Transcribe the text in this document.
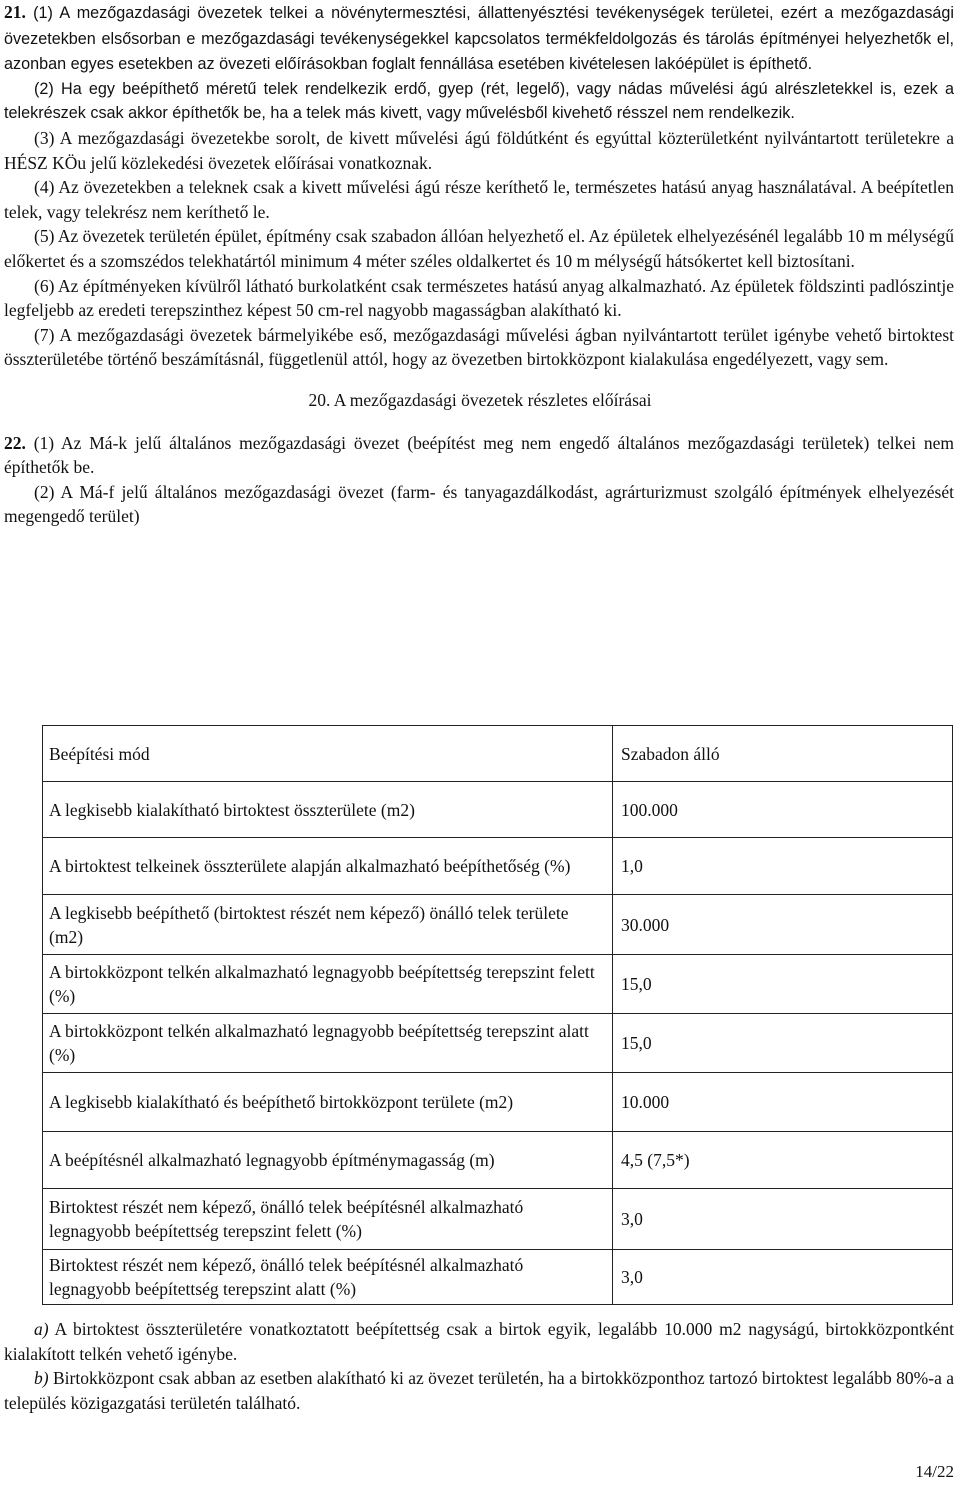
21. (1) A mezőgazdasági övezetek telkei a növénytermesztési, állattenyésztési tevékenységek területei, ezért a mezőgazdasági övezetekben elsősorban e mezőgazdasági tevékenységekkel kapcsolatos termékfeldolgozás és tárolás építményei helyezhetők el, azonban egyes esetekben az övezeti előírásokban foglalt fennállása esetében kivételesen lakóépület is építhető.

(2) Ha egy beépíthető méretű telek rendelkezik erdő, gyep (rét, legelő), vagy nádas művelési ágú alrészletekkel is, ezek a telekrészek csak akkor építhetők be, ha a telek más kivett, vagy művelésből kivehető résszel nem rendelkezik.

(3) A mezőgazdasági övezetekbe sorolt, de kivett művelési ágú földútként és egyúttal közterületként nyilvántartott területekre a HÉSZ KÖu jelű közlekedési övezetek előírásai vonatkoznak.

(4) Az övezetekben a teleknek csak a kivett művelési ágú része keríthető le, természetes hatású anyag használatával. A beépítetlen telek, vagy telekrész nem keríthető le.

(5) Az övezetek területén épület, építmény csak szabadon állóan helyezhető el. Az épületek elhelyezésénél legalább 10 m mélységű előkertet és a szomszédos telekhatártól minimum 4 méter széles oldalkertet és 10 m mélységű hátsókertet kell biztosítani.

(6) Az építményeken kívülről látható burkolatként csak természetes hatású anyag alkalmazható. Az épületek földszinti padlószintje legfeljebb az eredeti terepszinthez képest 50 cm-rel nagyobb magasságban alakítható ki.

(7) A mezőgazdasági övezetek bármelyikébe eső, mezőgazdasági művelési ágban nyilvántartott terület igénybe vehető birtoktest összterületébe történő beszámításnál, függetlenül attól, hogy az övezetben birtokközpont kialakulása engedélyezett, vagy sem.

20. A mezőgazdasági övezetek részletes előírásai

22. (1) Az Má-k jelű általános mezőgazdasági övezet (beépítést meg nem engedő általános mezőgazdasági területek) telkei nem építhetők be.

(2) A Má-f jelű általános mezőgazdasági övezet (farm- és tanyagazdálkodást, agrárturizmust szolgáló építmények elhelyezését megengedő terület)

Beépítési mód	Szabadon álló
A legkisebb kialakítható birtoktest összterülete (m2)	100.000
A birtoktest telkeinek összterülete alapján alkalmazható beépíthetőség (%)	1,0
A legkisebb beépíthető (birtoktest részét nem képező) önálló telek területe (m2)	30.000
A birtokközpont telkén alkalmazható legnagyobb beépítettség terepszint felett (%)	15,0
A birtokközpont telkén alkalmazható legnagyobb beépítettség terepszint alatt (%)	15,0
A legkisebb kialakítható és beépíthető birtokközpont területe (m2)	10.000
A beépítésnél alkalmazható legnagyobb építménymagasság (m)	4,5 (7,5*)
Birtoktest részét nem képező, önálló telek beépítésnél alkalmazható legnagyobb beépítettség terepszint felett (%)	3,0
Birtoktest részét nem képező, önálló telek beépítésnél alkalmazható legnagyobb beépítettség terepszint alatt (%)	3,0

a) A birtoktest összterületére vonatkoztatott beépítettség csak a birtok egyik, legalább 10.000 m2 nagyságú, birtokközpontként kialakított telkén vehető igénybe.

b) Birtokközpont csak abban az esetben alakítható ki az övezet területén, ha a birtokközponthoz tartozó birtoktest legalább 80%-a a település közigazgatási területén található.

14/22
